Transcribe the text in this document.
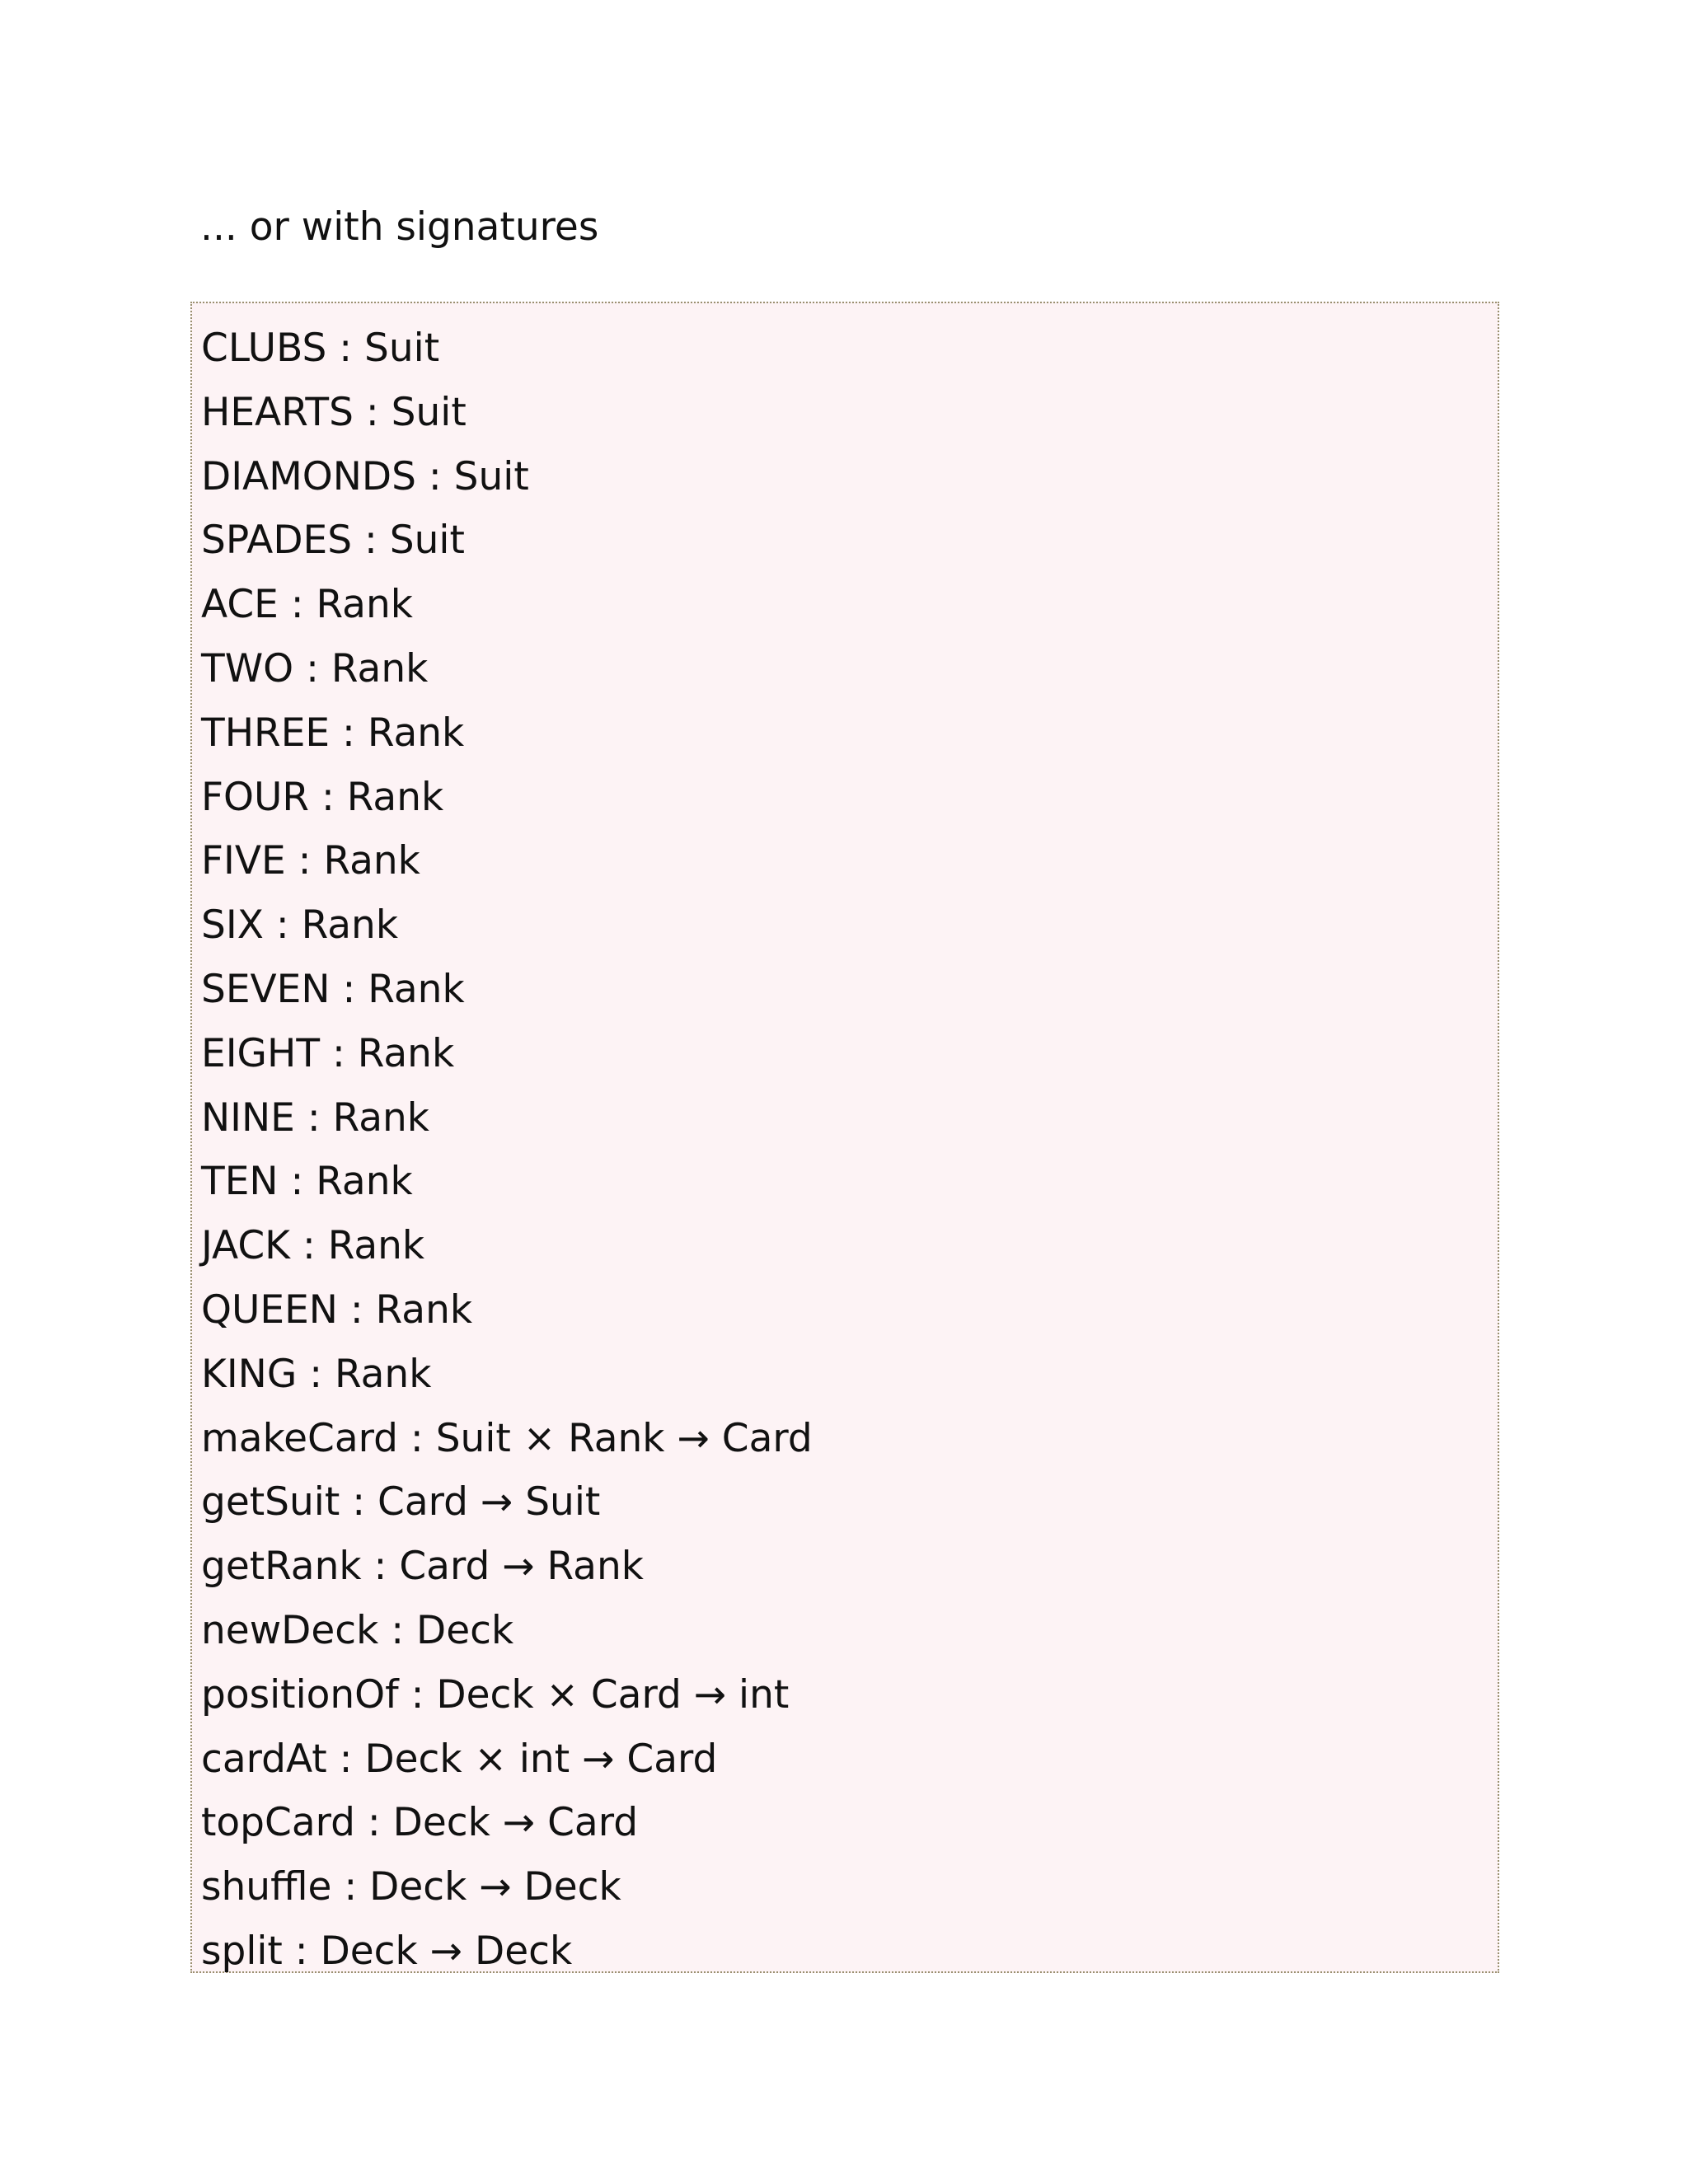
... or with signatures
CLUBS : Suit
HEARTS : Suit
DIAMONDS : Suit
SPADES : Suit
ACE : Rank
TWO : Rank
THREE : Rank
FOUR : Rank
FIVE : Rank
SIX : Rank
SEVEN : Rank
EIGHT : Rank
NINE : Rank
TEN : Rank
JACK : Rank
QUEEN : Rank
KING : Rank
makeCard : Suit × Rank → Card
getSuit : Card → Suit
getRank : Card → Rank
newDeck : Deck
positionOf : Deck × Card → int
cardAt : Deck × int → Card
topCard : Deck → Card
shuffle : Deck → Deck
split : Deck → Deck
